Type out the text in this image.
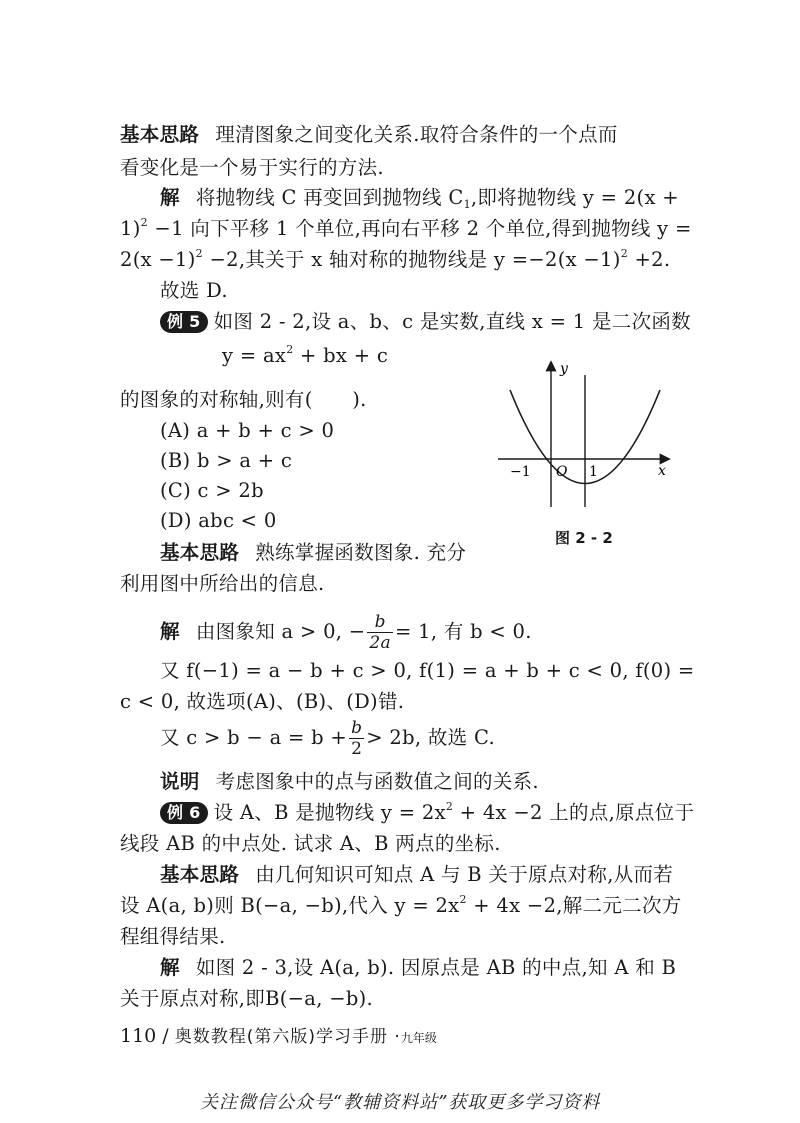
基本思路 理清图象之间变化关系.取符合条件的一个点而
看变化是一个易于实行的方法.
解 将抛物线 C 再变回到抛物线 $C_1$,即将抛物线 y = 2(x +
1)$^2$ −1 向下平移 1 个单位,再向右平移 2 个单位,得到抛物线 y =
$2(x -1)^2 -2$,其关于 x 轴对称的抛物线是 $y =-2(x -1)^2 +2$.
故选 D.
例 5 如图 2 - 2,设 a、b、c 是实数,直线 x = 1 是二次函数
$y = ax^2$ + bx + c
的图象的对称轴,则有(　　).
(A) a + b + c > 0
(B) b > a + c
(C) c > 2b
(D) abc < 0
y
x
O
−1	1
图 2 - 2
基本思路 熟练掌握函数图象. 充分
利用图中所给出的信息.
解 由图象知 a > 0, − $\frac{b}{2a} = 1$, 有 b < 0.
又 f(−1) = a − b + c > 0, f(1) = a + b + c < 0, f(0) =
c < 0, 故选项(A)、(B)、(D)错.
又 $c > b - a = b + \frac{b}{2} > 2b$, 故选 C.
说明 考虑图象中的点与函数值之间的关系.
例 6 设 A、B 是抛物线 $y = 2x^2 + 4x -2$ 上的点,原点位于
线段 AB 的中点处. 试求 A、B 两点的坐标.
基本思路 由几何知识可知点 A 与 B 关于原点对称,从而若
设 A(a, b)则 B(−a, −b),代入 $y = 2x^2 + 4x -2$,解二元二次方
程组得结果.
解 如图 2 - 3,设 A(a, b). 因原点是 AB 的中点,知 A 和 B
关于原点对称,即B(−a, −b).
110 / 奥数教程(第六版)学习手册 ·九年级
关注微信公众号“教辅资料站”获取更多学习资料
